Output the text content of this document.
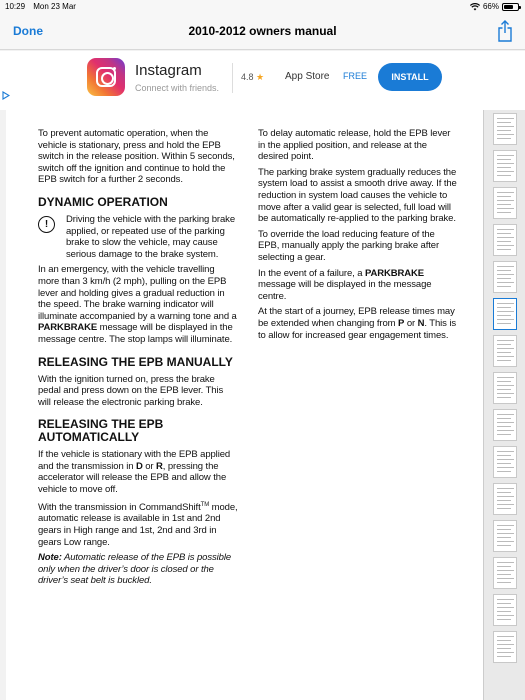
10:29 Mon 23 Mar	66%
Done	2010-2012 owners manual
Instagram
Connect with friends.
4.8 ★ App Store FREE	INSTALL

To prevent automatic operation, when the vehicle is stationary, press and hold the EPB switch in the release position. Within 5 seconds, switch off the ignition and continue to hold the EPB switch for a further 2 seconds.

DYNAMIC OPERATION
!	Driving the vehicle with the parking brake applied, or repeated use of the parking brake to slow the vehicle, may cause serious damage to the brake system.

In an emergency, with the vehicle travelling more than 3 km/h (2 mph), pulling on the EPB lever and holding gives a gradual reduction in the speed. The brake warning indicator will illuminate accompanied by a warning tone and a PARKBRAKE message will be displayed in the message centre. The stop lamps will illuminate.

RELEASING THE EPB MANUALLY

With the ignition turned on, press the brake pedal and press down on the EPB lever. This will release the electronic parking brake.

RELEASING THE EPB AUTOMATICALLY

If the vehicle is stationary with the EPB applied and the transmission in D or R, pressing the accelerator will release the EPB and allow the vehicle to move off.

With the transmission in CommandShift™ mode, automatic release is available in 1st and 2nd gears in High range and 1st, 2nd and 3rd in gears Low range.

Note: Automatic release of the EPB is possible only when the driver’s door is closed or the driver’s seat belt is buckled.

To delay automatic release, hold the EPB lever in the applied position, and release at the desired point.

The parking brake system gradually reduces the system load to assist a smooth drive away. If the reduction in system load causes the vehicle to move after a valid gear is selected, full load will be automatically re-applied to the parking brake.

To override the load reducing feature of the EPB, manually apply the parking brake after selecting a gear.

In the event of a failure, a PARKBRAKE message will be displayed in the message centre.

At the start of a journey, EPB release times may be extended when changing from P or N. This is to allow for increased gear engagement times.
